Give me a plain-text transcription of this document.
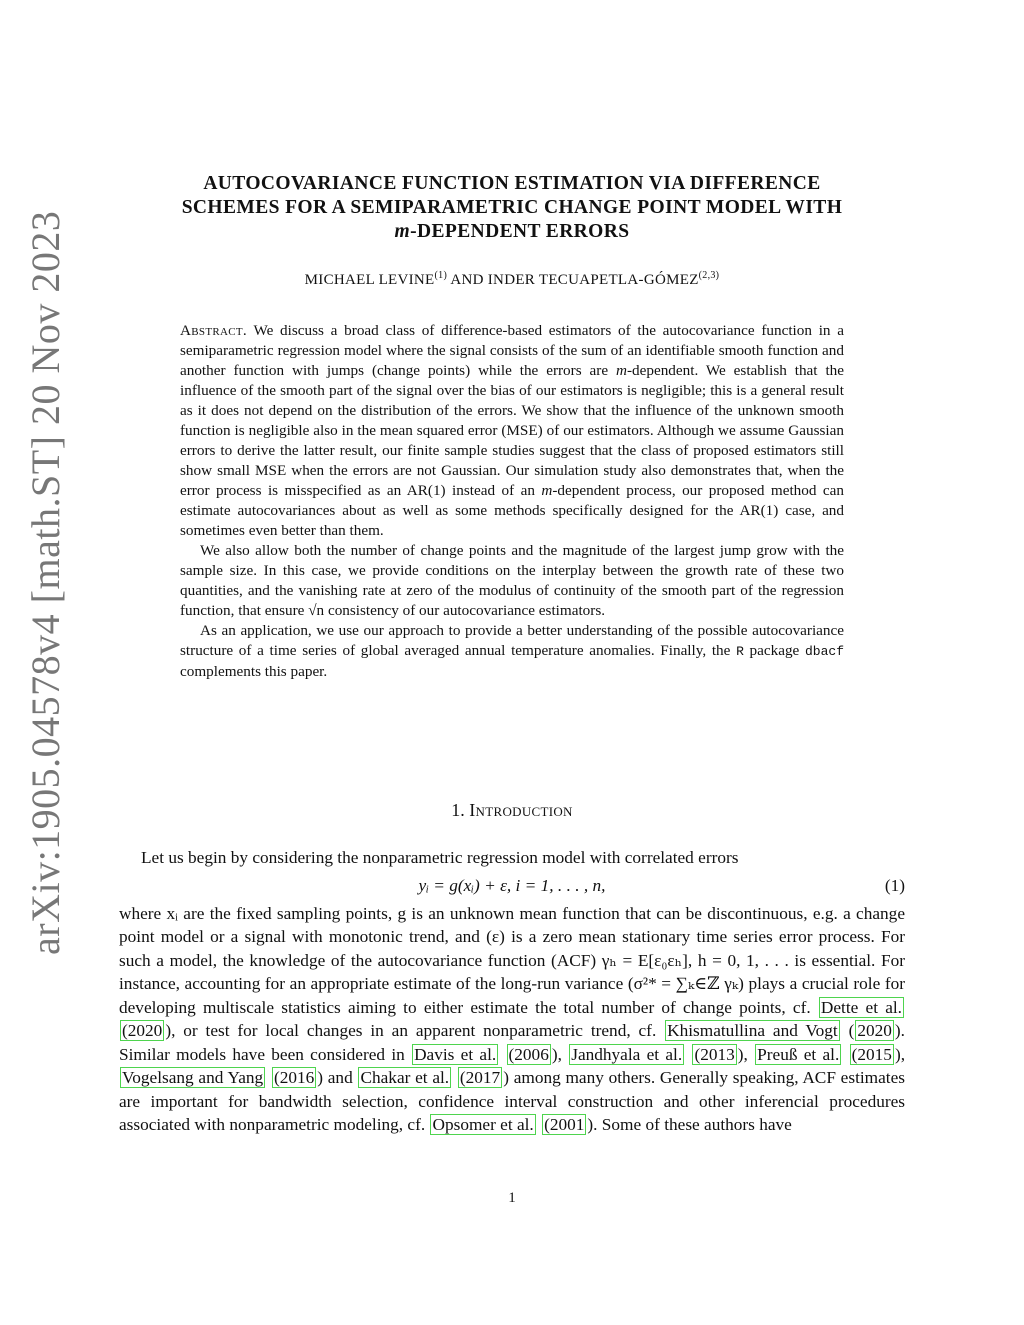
arXiv:1905.04578v4 [math.ST] 20 Nov 2023
AUTOCOVARIANCE FUNCTION ESTIMATION VIA DIFFERENCE
SCHEMES FOR A SEMIPARAMETRIC CHANGE POINT MODEL WITH
m-DEPENDENT ERRORS
MICHAEL LEVINE$^{(1)}$ AND INDER TECUAPETLA-GÓMEZ$^{(2,3)}$

Abstract. We discuss a broad class of difference-based estimators of the autocovariance function in a semiparametric regression model where the signal consists of the sum of an identifiable smooth function and another function with jumps (change points) while the errors are m-dependent. We establish that the influence of the smooth part of the signal over the bias of our estimators is negligible; this is a general result as it does not depend on the distribution of the errors. We show that the influence of the unknown smooth function is negligible also in the mean squared error (MSE) of our estimators. Although we assume Gaussian errors to derive the latter result, our finite sample studies suggest that the class of proposed estimators still show small MSE when the errors are not Gaussian. Our simulation study also demonstrates that, when the error process is misspecified as an AR(1) instead of an m-dependent process, our proposed method can estimate autocovariances about as well as some methods specifically designed for the AR(1) case, and sometimes even better than them.

We also allow both the number of change points and the magnitude of the largest jump grow with the sample size. In this case, we provide conditions on the interplay between the growth rate of these two quantities, and the vanishing rate at zero of the modulus of continuity of the smooth part of the regression function, that ensure √n consistency of our autocovariance estimators.

As an application, we use our approach to provide a better understanding of the possible autocovariance structure of a time series of global averaged annual temperature anomalies. Finally, the R package dbacf complements this paper.

1. Introduction

Let us begin by considering the nonparametric regression model with correlated errors

yᵢ = g(xᵢ) + ε, i = 1, . . . , n,	(1)

where xᵢ are the fixed sampling points, g is an unknown mean function that can be discontinuous, e.g. a change point model or a signal with monotonic trend, and (ε) is a zero mean stationary time series error process. For such a model, the knowledge of the autocovariance function (ACF) γₕ = E[ε₀εₕ], h = 0, 1, . . . is essential. For instance, accounting for an appropriate estimate of the long-run variance (σ²* = ∑ₖ∈ℤ γₖ) plays a crucial role for developing multiscale statistics aiming to either estimate the total number of change points, cf. Dette et al. (2020 ), or test for local changes in an apparent nonparametric trend, cf. Khismatullina and Vogt ( 2020 ). Similar models have been considered in Davis et al. (2006 ), Jandhyala et al. (2013 ), Preuß et al. (2015 ), Vogelsang and Yang (2016 ) and Chakar et al. (2017 ) among many others. Generally speaking, ACF estimates are important for bandwidth selection, confidence interval construction and other inferencial procedures associated with nonparametric modeling, cf. Opsomer et al. (2001 ). Some of these authors have

1
